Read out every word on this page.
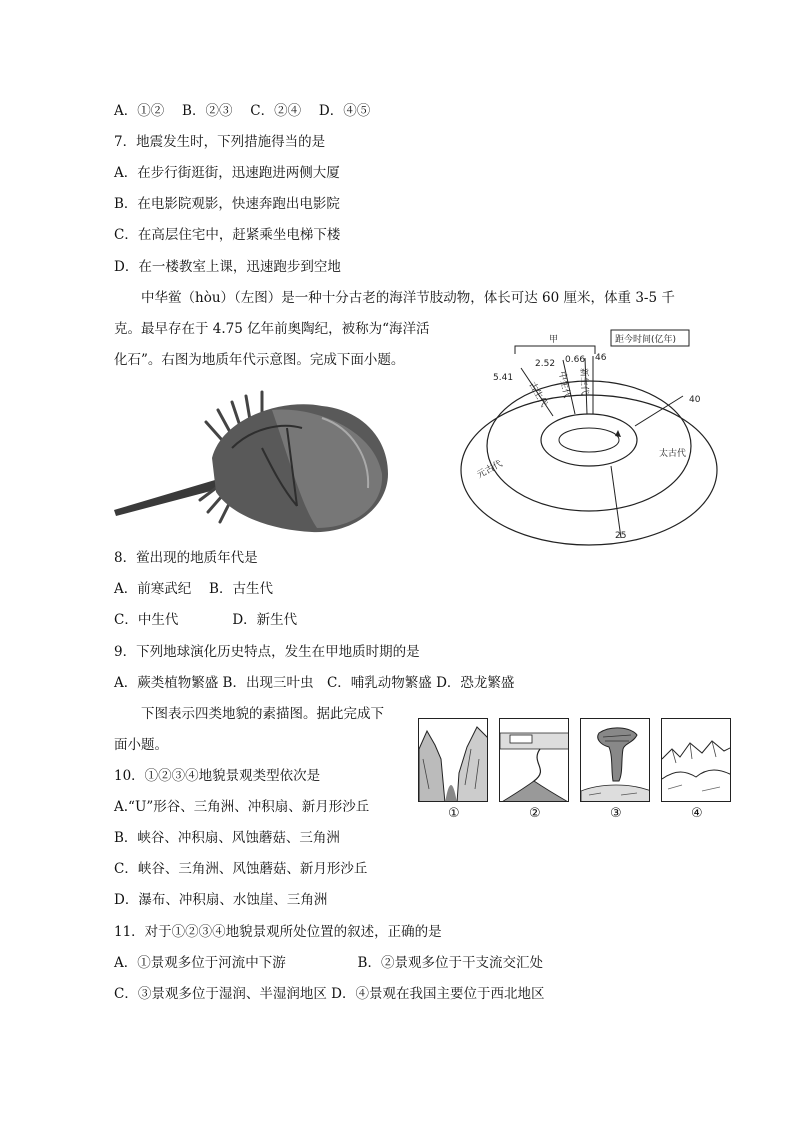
A．①②　 B．②③　 C．②④　 D．④⑤
7．地震发生时，下列措施得当的是
A．在步行街逛街，迅速跑进两侧大厦
B．在电影院观影，快速奔跑出电影院
C．在高层住宅中，赶紧乘坐电梯下楼
D．在一楼教室上课，迅速跑步到空地
中华鲎（hòu）（左图）是一种十分古老的海洋节肢动物，体长可达 60 厘米，体重 3-5 千
克。最早存在于 4.75 亿年前奥陶纪，被称为“海洋活
化石”。右图为地质年代示意图。完成下面小题。
8．鲎出现的地质年代是
A．前寒武纪　 B．古生代
C．中生代　　　　D．新生代
9．下列地球演化历史特点，发生在甲地质时期的是
A．蕨类植物繁盛 B．出现三叶虫　C．哺乳动物繁盛 D．恐龙繁盛
下图表示四类地貌的素描图。据此完成下
面小题。
10．①②③④地貌景观类型依次是
A.“U”形谷、三角洲、冲积扇、新月形沙丘
B．峡谷、冲积扇、风蚀蘑菇、三角洲
C．峡谷、三角洲、风蚀蘑菇、新月形沙丘
D．瀑布、冲积扇、水蚀崖、三角洲
11．对于①②③④地貌景观所处位置的叙述，正确的是
A．①景观多位于河流中下游　　　　　 B．②景观多位于干支流交汇处
C．③景观多位于湿润、半湿润地区 D．④景观在我国主要位于西北地区
甲	距今时间(亿年)
5.41
2.52 0.66 46
40
25
古生代 中生代 新生代
元古代
太古代
①	②	③	④
